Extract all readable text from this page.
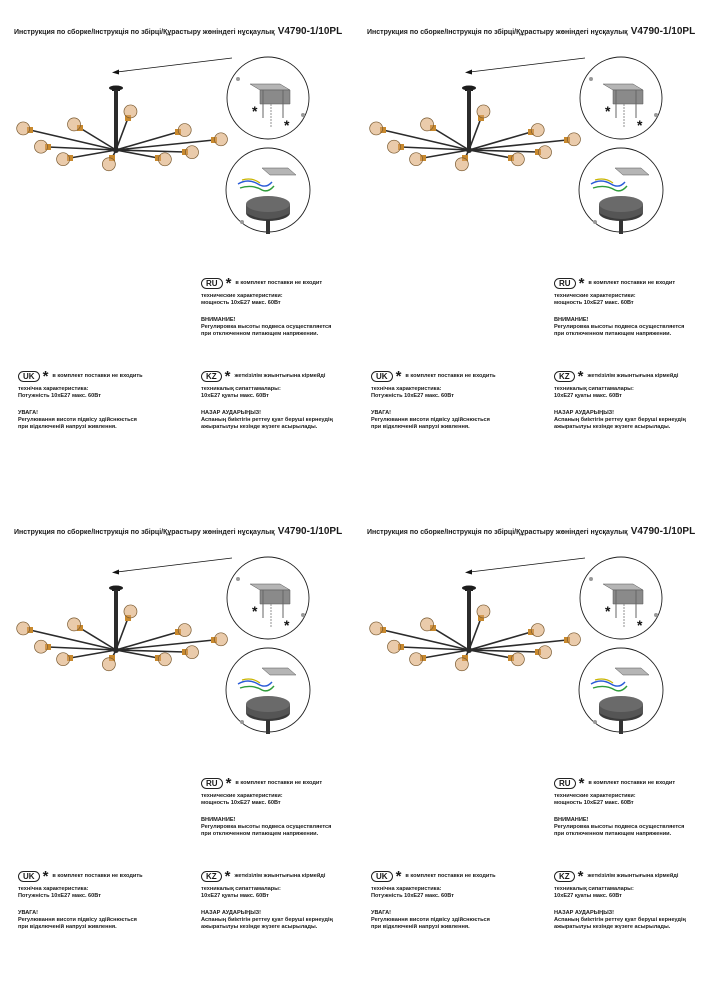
*
*
Инструкция по сборке/Інструкція по збірці/Құрастыру жөніндегі нұсқаулық V4790-1/10PL
RU * в комплект поставки не входит
технические характеристики:
мощность 10xE27 макс. 60Вт
ВНИМАНИЕ!
Регулировка высоты подвеса осуществляется
при отключенном питающем напряжении.
UK * в комплект поставки не входить
технічна характеристика:
Потужність 10xE27 макс. 60Вт
УВАГА!
Регулювання висоти підвісу здійснюється
при відключеній напрузі живлення.
KZ * жеткізілім жиынтығына кірмейді
техникалық сипаттамалары:
10xE27 қуаты макс. 60Вт
НАЗАР АУДАРЫҢЫЗ!
Аспаның биіктігін реттеу қуат беруші кернеудің
ажыратылуы кезінде жүзеге асырылады.
*
*
Инструкция по сборке/Інструкція по збірці/Құрастыру жөніндегі нұсқаулық V4790-1/10PL
RU * в комплект поставки не входит
технические характеристики:
мощность 10xE27 макс. 60Вт
ВНИМАНИЕ!
Регулировка высоты подвеса осуществляется
при отключенном питающем напряжении.
UK * в комплект поставки не входить
технічна характеристика:
Потужність 10xE27 макс. 60Вт
УВАГА!
Регулювання висоти підвісу здійснюється
при відключеній напрузі живлення.
KZ * жеткізілім жиынтығына кірмейді
техникалық сипаттамалары:
10xE27 қуаты макс. 60Вт
НАЗАР АУДАРЫҢЫЗ!
Аспаның биіктігін реттеу қуат беруші кернеудің
ажыратылуы кезінде жүзеге асырылады.
*
*
Инструкция по сборке/Інструкція по збірці/Құрастыру жөніндегі нұсқаулық V4790-1/10PL
RU * в комплект поставки не входит
технические характеристики:
мощность 10xE27 макс. 60Вт
ВНИМАНИЕ!
Регулировка высоты подвеса осуществляется
при отключенном питающем напряжении.
UK * в комплект поставки не входить
технічна характеристика:
Потужність 10xE27 макс. 60Вт
УВАГА!
Регулювання висоти підвісу здійснюється
при відключеній напрузі живлення.
KZ * жеткізілім жиынтығына кірмейді
техникалық сипаттамалары:
10xE27 қуаты макс. 60Вт
НАЗАР АУДАРЫҢЫЗ!
Аспаның биіктігін реттеу қуат беруші кернеудің
ажыратылуы кезінде жүзеге асырылады.
*
*
Инструкция по сборке/Інструкція по збірці/Құрастыру жөніндегі нұсқаулық V4790-1/10PL
RU * в комплект поставки не входит
технические характеристики:
мощность 10xE27 макс. 60Вт
ВНИМАНИЕ!
Регулировка высоты подвеса осуществляется
при отключенном питающем напряжении.
UK * в комплект поставки не входить
технічна характеристика:
Потужність 10xE27 макс. 60Вт
УВАГА!
Регулювання висоти підвісу здійснюється
при відключеній напрузі живлення.
KZ * жеткізілім жиынтығына кірмейді
техникалық сипаттамалары:
10xE27 қуаты макс. 60Вт
НАЗАР АУДАРЫҢЫЗ!
Аспаның биіктігін реттеу қуат беруші кернеудің
ажыратылуы кезінде жүзеге асырылады.
